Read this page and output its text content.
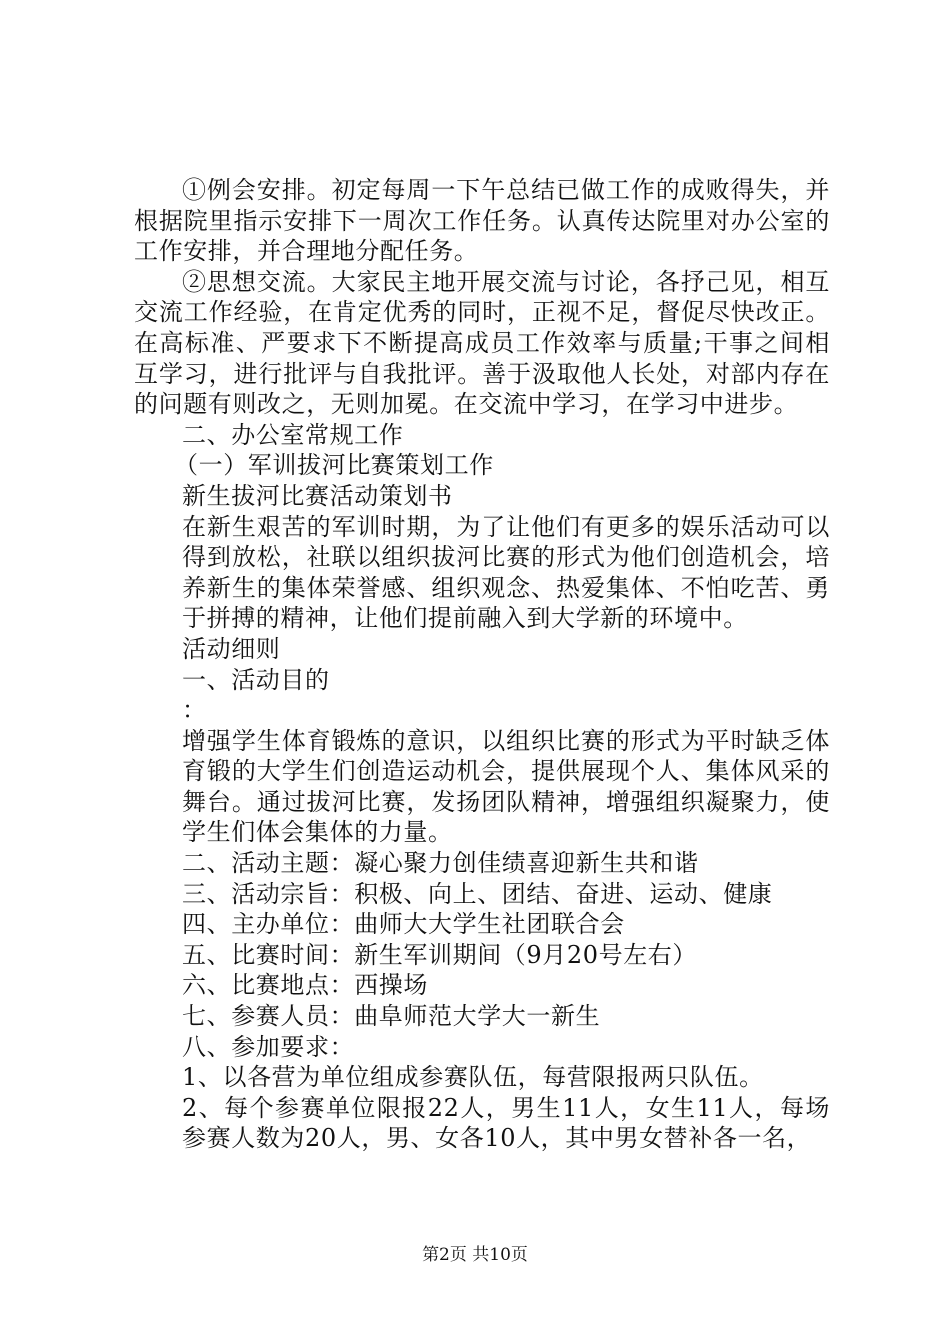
①例会安排。初定每周一下午总结已做工作的成败得失，并根据院里指示安排下一周次工作任务。认真传达院里对办公室的工作安排，并合理地分配任务。

②思想交流。大家民主地开展交流与讨论，各抒己见，相互交流工作经验，在肯定优秀的同时，正视不足，督促尽快改正。在高标准、严要求下不断提高成员工作效率与质量;干事之间相互学习，进行批评与自我批评。善于汲取他人长处，对部内存在的问题有则改之，无则加冕。在交流中学习，在学习中进步。

二、办公室常规工作

（一）军训拔河比赛策划工作

新生拔河比赛活动策划书

在新生艰苦的军训时期，为了让他们有更多的娱乐活动可以得到放松，社联以组织拔河比赛的形式为他们创造机会，培养新生的集体荣誉感、组织观念、热爱集体、不怕吃苦、勇于拼搏的精神，让他们提前融入到大学新的环境中。

活动细则

一、活动目的

：

增强学生体育锻炼的意识，以组织比赛的形式为平时缺乏体育锻的大学生们创造运动机会，提供展现个人、集体风采的舞台。通过拔河比赛，发扬团队精神，增强组织凝聚力，使学生们体会集体的力量。

二、活动主题：凝心聚力创佳绩喜迎新生共和谐

三、活动宗旨：积极、向上、团结、奋进、运动、健康

四、主办单位：曲师大大学生社团联合会

五、比赛时间：新生军训期间（9月20号左右）

六、比赛地点：西操场

七、参赛人员：曲阜师范大学大一新生

八、参加要求：

1、以各营为单位组成参赛队伍，每营限报两只队伍。

2、每个参赛单位限报22人，男生11人，女生11人，每场参赛人数为20人，男、女各10人，其中男女替补各一名，

第2页 共10页
